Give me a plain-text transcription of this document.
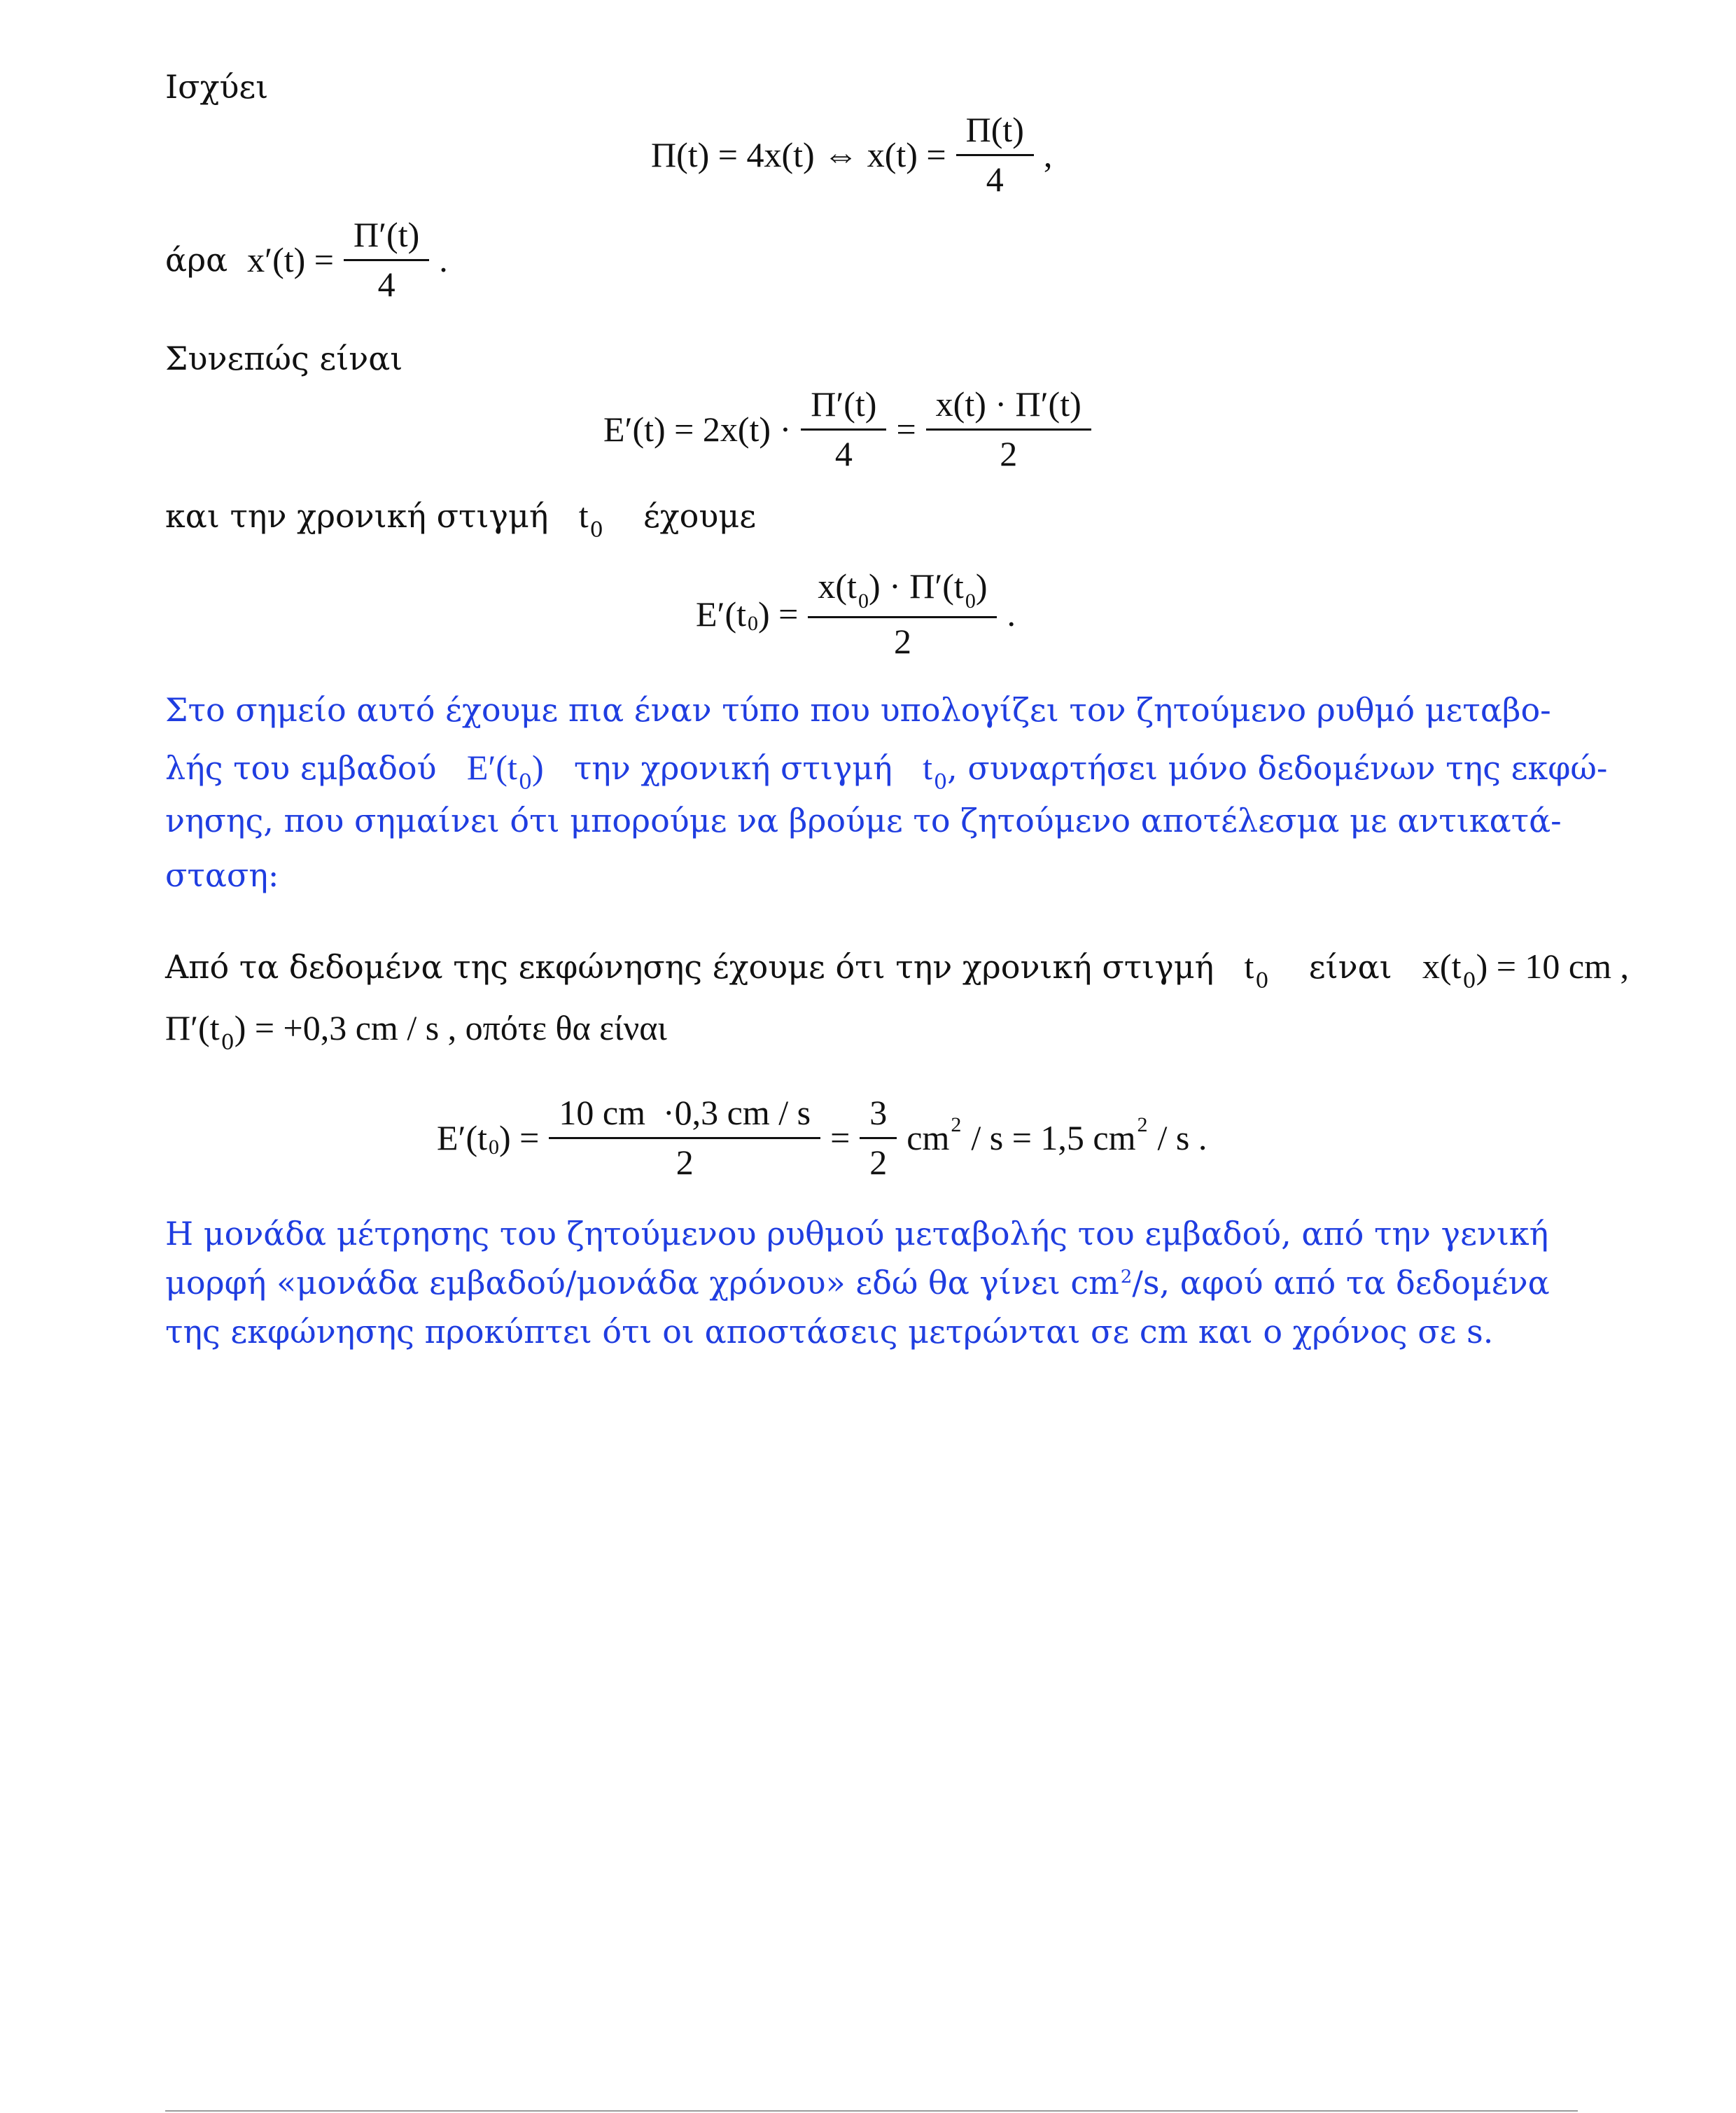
Ισχύει
Π(t) = 4x(t) ⇔ $x(t) = \frac{\Pi(t)}{4}$ ,
άρα $x'(t) = \frac{\Pi'(t)}{4}$ .
Συνεπώς είναι
$E'(t) = 2x(t) \cdot \frac{\Pi'(t)}{4} = \frac{x(t) \cdot \Pi'(t)}{2}$
και την χρονική στιγμή $t_0$ έχουμε
E′(t 0 ) = $\frac{x(t_0) \cdot \Pi'(t_0)}{2}$ .
Στο σημείο αυτό έχουμε πια έναν τύπο που υπολογίζει τον ζητούμενο ρυθμό μεταβο-
λής του εμβαδού $E'(t_0)$ την χρονική στιγμή $t_0$, συναρτήσει μόνο δεδομένων της εκφώ-
νησης, που σημαίνει ότι μπορούμε να βρούμε το ζητούμενο αποτέλεσμα με αντικατά-
σταση:
Από τα δεδομένα της εκφώνησης έχουμε ότι την χρονική στιγμή $t_0$ είναι $x(t_0) = 10$ cm ,
$\Pi'(t_0) = +0,3$ cm / s , οπότε θα είναι
E′(t 0 ) = $\frac{10 cm \cdot 0,3 cm / s}{2} = \frac{3}{2}$ cm 2 / s = 1,5 cm 2 / s .
Η μονάδα μέτρησης του ζητούμενου ρυθμού μεταβολής του εμβαδού, από την γενική
μορφή «μονάδα εμβαδού/μονάδα χρόνου» εδώ θα γίνει $cm^2/s$, αφού από τα δεδομένα
της εκφώνησης προκύπτει ότι οι αποστάσεις μετρώνται σε cm και ο χρόνος σε s.
